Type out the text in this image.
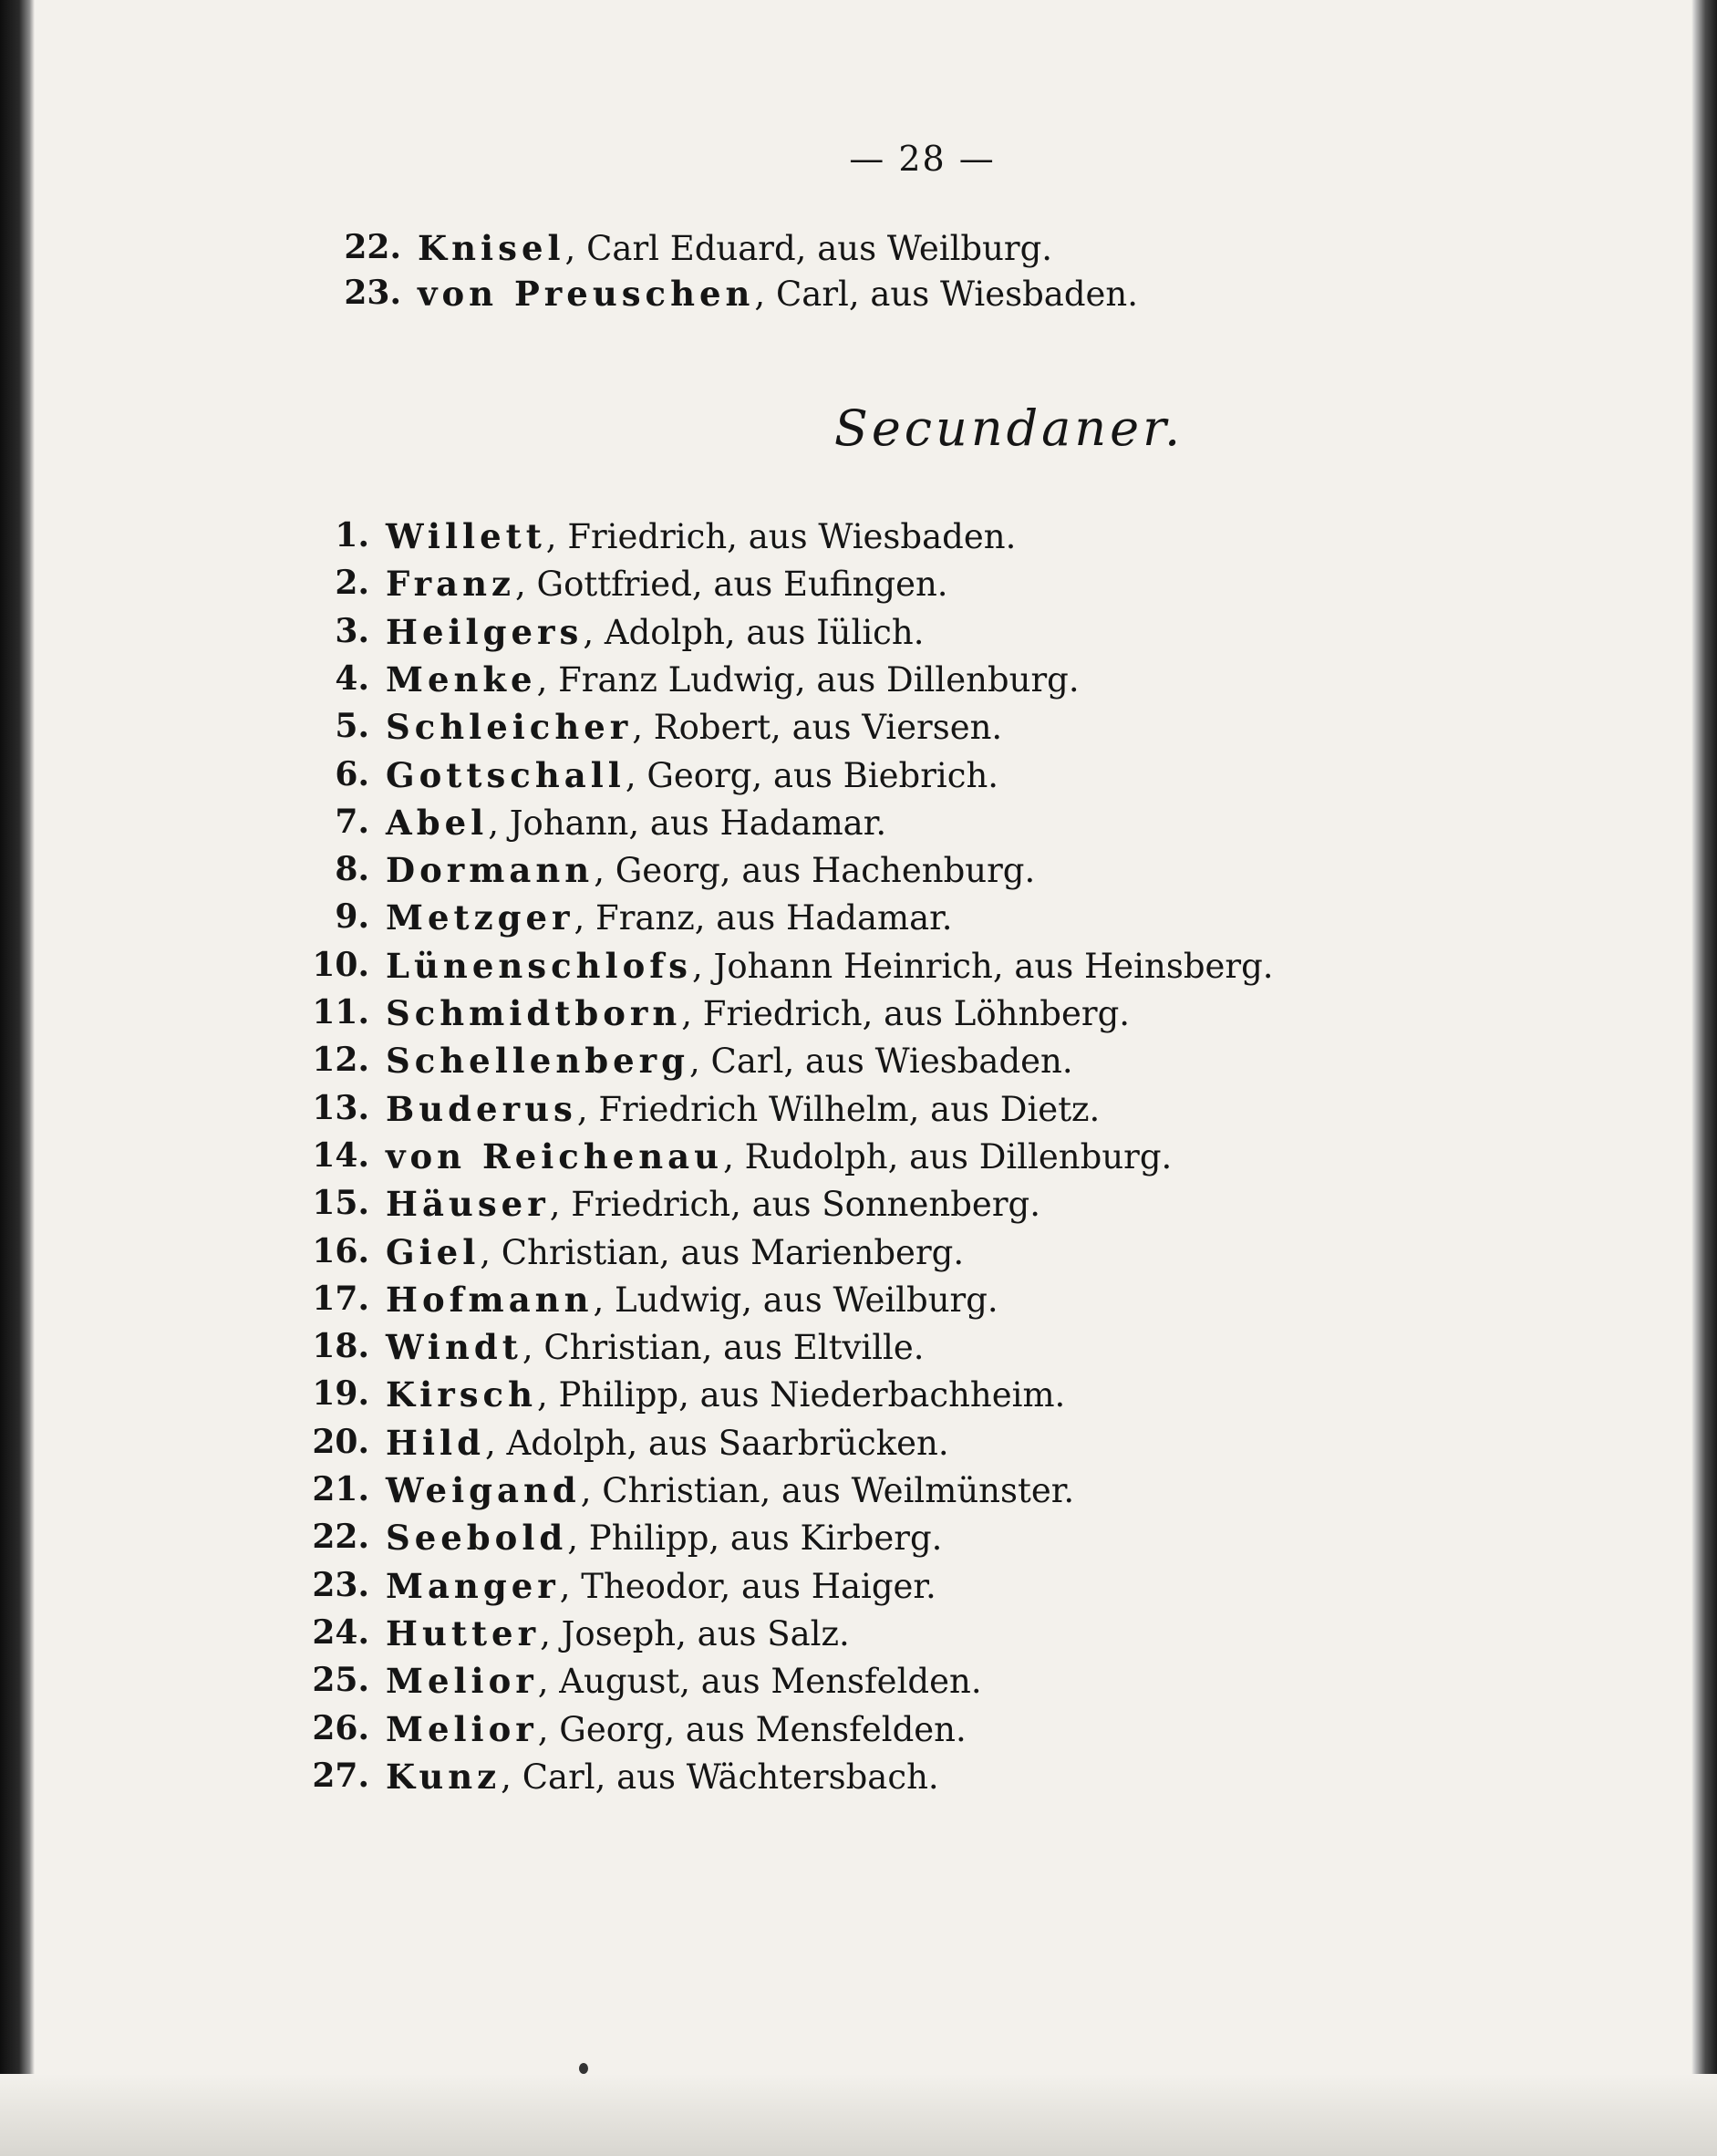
— 28 —
22. Knisel, Carl Eduard, aus Weilburg.
23. von Preuschen, Carl, aus Wiesbaden.
Secundaner.
1. Willett, Friedrich, aus Wiesbaden.
2. Franz, Gottfried, aus Eufingen.
3. Heilgers, Adolph, aus Iülich.
4. Menke, Franz Ludwig, aus Dillenburg.
5. Schleicher, Robert, aus Viersen.
6. Gottschall, Georg, aus Biebrich.
7. Abel, Johann, aus Hadamar.
8. Dormann, Georg, aus Hachenburg.
9. Metzger, Franz, aus Hadamar.
10. Lünenschlofs, Johann Heinrich, aus Heinsberg.
11. Schmidtborn, Friedrich, aus Löhnberg.
12. Schellenberg, Carl, aus Wiesbaden.
13. Buderus, Friedrich Wilhelm, aus Dietz.
14. von Reichenau, Rudolph, aus Dillenburg.
15. Häuser, Friedrich, aus Sonnenberg.
16. Giel, Christian, aus Marienberg.
17. Hofmann, Ludwig, aus Weilburg.
18. Windt, Christian, aus Eltville.
19. Kirsch, Philipp, aus Niederbachheim.
20. Hild, Adolph, aus Saarbrücken.
21. Weigand, Christian, aus Weilmünster.
22. Seebold, Philipp, aus Kirberg.
23. Manger, Theodor, aus Haiger.
24. Hutter, Joseph, aus Salz.
25. Melior, August, aus Mensfelden.
26. Melior, Georg, aus Mensfelden.
27. Kunz, Carl, aus Wächtersbach.
